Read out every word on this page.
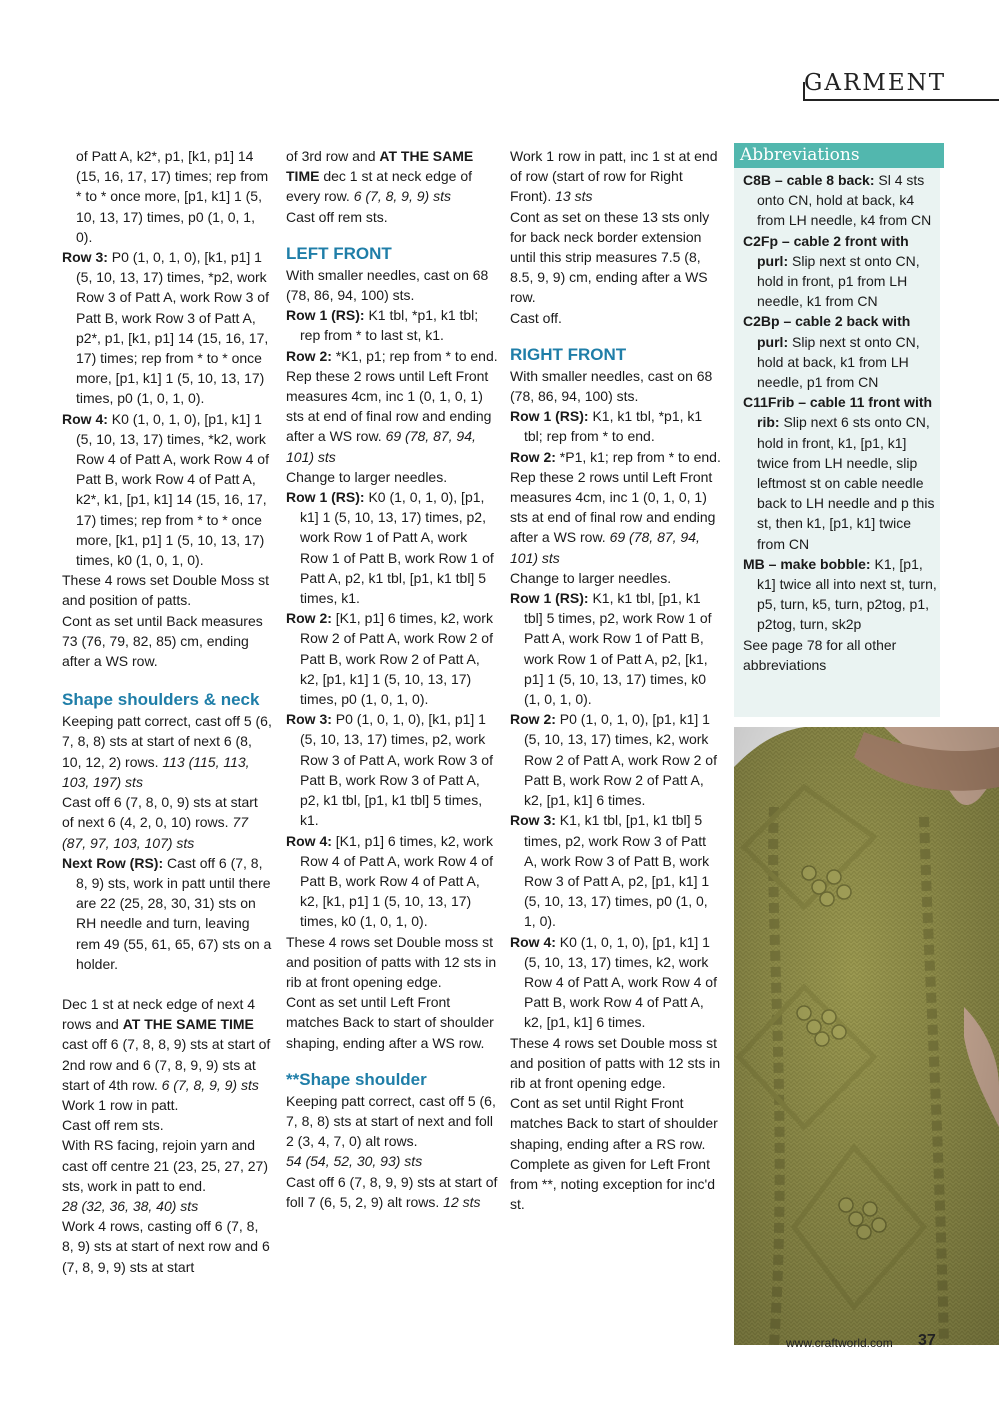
GARMENT

of Patt A, k2*, p1, [k1, p1] 14 (15, 16, 17, 17) times; rep from * to * once more, [p1, k1] 1 (5, 10, 13, 17) times, p0 (1, 0, 1, 0).

Row 3: P0 (1, 0, 1, 0), [k1, p1] 1 (5, 10, 13, 17) times, *p2, work Row 3 of Patt A, work Row 3 of Patt B, work Row 3 of Patt A, p2*, p1, [k1, p1] 14 (15, 16, 17, 17) times; rep from * to * once more, [p1, k1] 1 (5, 10, 13, 17) times, p0 (1, 0, 1, 0).

Row 4: K0 (1, 0, 1, 0), [p1, k1] 1 (5, 10, 13, 17) times, *k2, work Row 4 of Patt A, work Row 4 of Patt B, work Row 4 of Patt A, k2*, k1, [p1, k1] 14 (15, 16, 17, 17) times; rep from * to * once more, [k1, p1] 1 (5, 10, 13, 17) times, k0 (1, 0, 1, 0).

These 4 rows set Double Moss st and position of patts.

Cont as set until Back measures 73 (76, 79, 82, 85) cm, ending after a WS row.

Shape shoulders & neck

Keeping patt correct, cast off 5 (6, 7, 8, 8) sts at start of next 6 (8, 10, 12, 2) rows. 113 (115, 113, 103, 197) sts

Cast off 6 (7, 8, 0, 9) sts at start of next 6 (4, 2, 0, 10) rows. 77 (87, 97, 103, 107) sts

Next Row (RS): Cast off 6 (7, 8, 8, 9) sts, work in patt until there are 22 (25, 28, 30, 31) sts on RH needle and turn, leaving rem 49 (55, 61, 65, 67) sts on a holder.

Dec 1 st at neck edge of next 4 rows and AT THE SAME TIME cast off 6 (7, 8, 8, 9) sts at start of 2nd row and 6 (7, 8, 9, 9) sts at start of 4th row. 6 (7, 8, 9, 9) sts

Work 1 row in patt.

Cast off rem sts.

With RS facing, rejoin yarn and cast off centre 21 (23, 25, 27, 27) sts, work in patt to end.

28 (32, 36, 38, 40) sts

Work 4 rows, casting off 6 (7, 8, 8, 9) sts at start of next row and 6 (7, 8, 9, 9) sts at start

of 3rd row and AT THE SAME TIME dec 1 st at neck edge of every row. 6 (7, 8, 9, 9) sts

Cast off rem sts.

LEFT FRONT

With smaller needles, cast on 68 (78, 86, 94, 100) sts.

Row 1 (RS): K1 tbl, *p1, k1 tbl; rep from * to last st, k1.

Row 2: *K1, p1; rep from * to end.

Rep these 2 rows until Left Front measures 4cm, inc 1 (0, 1, 0, 1) sts at end of final row and ending after a WS row. 69 (78, 87, 94, 101) sts

Change to larger needles.

Row 1 (RS): K0 (1, 0, 1, 0), [p1, k1] 1 (5, 10, 13, 17) times, p2, work Row 1 of Patt A, work Row 1 of Patt B, work Row 1 of Patt A, p2, k1 tbl, [p1, k1 tbl] 5 times, k1.

Row 2: [K1, p1] 6 times, k2, work Row 2 of Patt A, work Row 2 of Patt B, work Row 2 of Patt A, k2, [p1, k1] 1 (5, 10, 13, 17) times, p0 (1, 0, 1, 0).

Row 3: P0 (1, 0, 1, 0), [k1, p1] 1 (5, 10, 13, 17) times, p2, work Row 3 of Patt A, work Row 3 of Patt B, work Row 3 of Patt A, p2, k1 tbl, [p1, k1 tbl] 5 times, k1.

Row 4: [K1, p1] 6 times, k2, work Row 4 of Patt A, work Row 4 of Patt B, work Row 4 of Patt A, k2, [k1, p1] 1 (5, 10, 13, 17) times, k0 (1, 0, 1, 0).

These 4 rows set Double moss st and position of patts with 12 sts in rib at front opening edge.

Cont as set until Left Front matches Back to start of shoulder shaping, ending after a WS row.

**Shape shoulder

Keeping patt correct, cast off 5 (6, 7, 8, 8) sts at start of next and foll 2 (3, 4, 7, 0) alt rows.

54 (54, 52, 30, 93) sts

Cast off 6 (7, 8, 9, 9) sts at start of foll 7 (6, 5, 2, 9) alt rows. 12 sts

Work 1 row in patt, inc 1 st at end of row (start of row for Right Front). 13 sts

Cont as set on these 13 sts only for back neck border extension until this strip measures 7.5 (8, 8.5, 9, 9) cm, ending after a WS row.

Cast off.

RIGHT FRONT

With smaller needles, cast on 68 (78, 86, 94, 100) sts.

Row 1 (RS): K1, k1 tbl, *p1, k1 tbl; rep from * to end.

Row 2: *P1, k1; rep from * to end.

Rep these 2 rows until Left Front measures 4cm, inc 1 (0, 1, 0, 1) sts at end of final row and ending after a WS row. 69 (78, 87, 94, 101) sts

Change to larger needles.

Row 1 (RS): K1, k1 tbl, [p1, k1 tbl] 5 times, p2, work Row 1 of Patt A, work Row 1 of Patt B, work Row 1 of Patt A, p2, [k1, p1] 1 (5, 10, 13, 17) times, k0 (1, 0, 1, 0).

Row 2: P0 (1, 0, 1, 0), [p1, k1] 1 (5, 10, 13, 17) times, k2, work Row 2 of Patt A, work Row 2 of Patt B, work Row 2 of Patt A, k2, [p1, k1] 6 times.

Row 3: K1, k1 tbl, [p1, k1 tbl] 5 times, p2, work Row 3 of Patt A, work Row 3 of Patt B, work Row 3 of Patt A, p2, [p1, k1] 1 (5, 10, 13, 17) times, p0 (1, 0, 1, 0).

Row 4: K0 (1, 0, 1, 0), [p1, k1] 1 (5, 10, 13, 17) times, k2, work Row 4 of Patt A, work Row 4 of Patt B, work Row 4 of Patt A, k2, [p1, k1] 6 times.

These 4 rows set Double moss st and position of patts with 12 sts in rib at front opening edge.

Cont as set until Right Front matches Back to start of shoulder shaping, ending after a RS row.

Complete as given for Left Front from **, noting exception for inc'd st.

Abbreviations

C8B – cable 8 back: Sl 4 sts onto CN, hold at back, k4 from LH needle, k4 from CN

C2Fp – cable 2 front with purl: Slip next st onto CN, hold in front, p1 from LH needle, k1 from CN

C2Bp – cable 2 back with purl: Slip next st onto CN, hold at back, k1 from LH needle, p1 from CN

C11Frib – cable 11 front with rib: Slip next 6 sts onto CN, hold in front, k1, [p1, k1] twice from LH needle, slip leftmost st on cable needle back to LH needle and p this st, then k1, [p1, k1] twice from CN

MB – make bobble: K1, [p1, k1] twice all into next st, turn, p5, turn, k5, turn, p2tog, p1, p2tog, turn, sk2p

See page 78 for all other abbreviations

www.craftworld.com 37
